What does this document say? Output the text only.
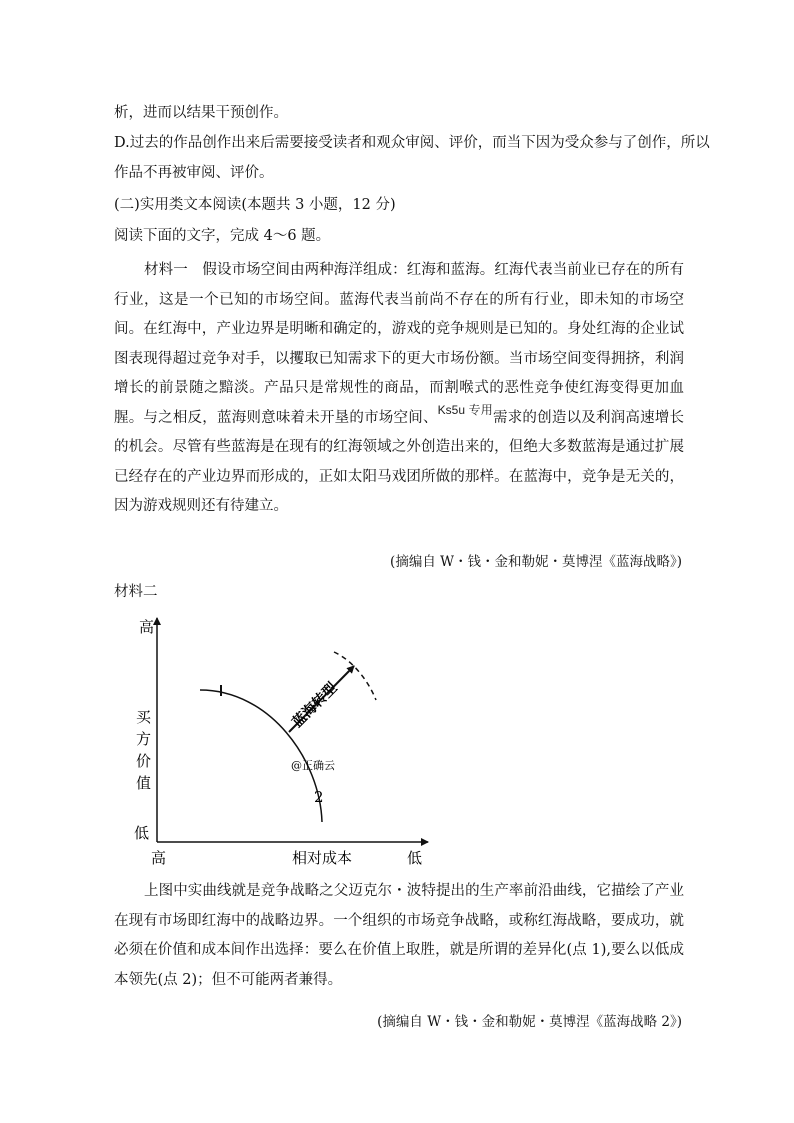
析，进而以结果干预创作。
D.过去的作品创作出来后需要接受读者和观众审阅、评价，而当下因为受众参与了创作，所以
作品不再被审阅、评价。
(二)实用类文本阅读(本题共 3 小题，12 分)
阅读下面的文字，完成 4～6 题。
材料一　假设市场空间由两种海洋组成：红海和蓝海。红海代表当前业已存在的所有行业，这是一个已知的市场空间。蓝海代表当前尚不存在的所有行业，即未知的市场空间。在红海中，产业边界是明晰和确定的，游戏的竞争规则是已知的。身处红海的企业试图表现得超过竞争对手，以攫取已知需求下的更大市场份额。当市场空间变得拥挤，利润增长的前景随之黯淡。产品只是常规性的商品，而割喉式的恶性竞争使红海变得更加血腥。与之相反，蓝海则意味着未开垦的市场空间、$^{Ks5u 专用}$需求的创造以及利润高速增长的机会。尽管有些蓝海是在现有的红海领域之外创造出来的，但绝大多数蓝海是通过扩展已经存在的产业边界而形成的，正如太阳马戏团所做的那样。在蓝海中，竞争是无关的，因为游戏规则还有待建立。
(摘编自 W・钱・金和勒妮・莫博涅《蓝海战略》)
材料二
高
买
方
价
值
低
高	相对成本	低
2
蓝海转型
@正确云
上图中实曲线就是竞争战略之父迈克尔・波特提出的生产率前沿曲线，它描绘了产业在现有市场即红海中的战略边界。一个组织的市场竞争战略，或称红海战略，要成功，就必须在价值和成本间作出选择：要么在价值上取胜，就是所谓的差异化(点 1),要么以低成本领先(点 2)；但不可能两者兼得。
(摘编自 W・钱・金和勒妮・莫博涅《蓝海战略 2》)
